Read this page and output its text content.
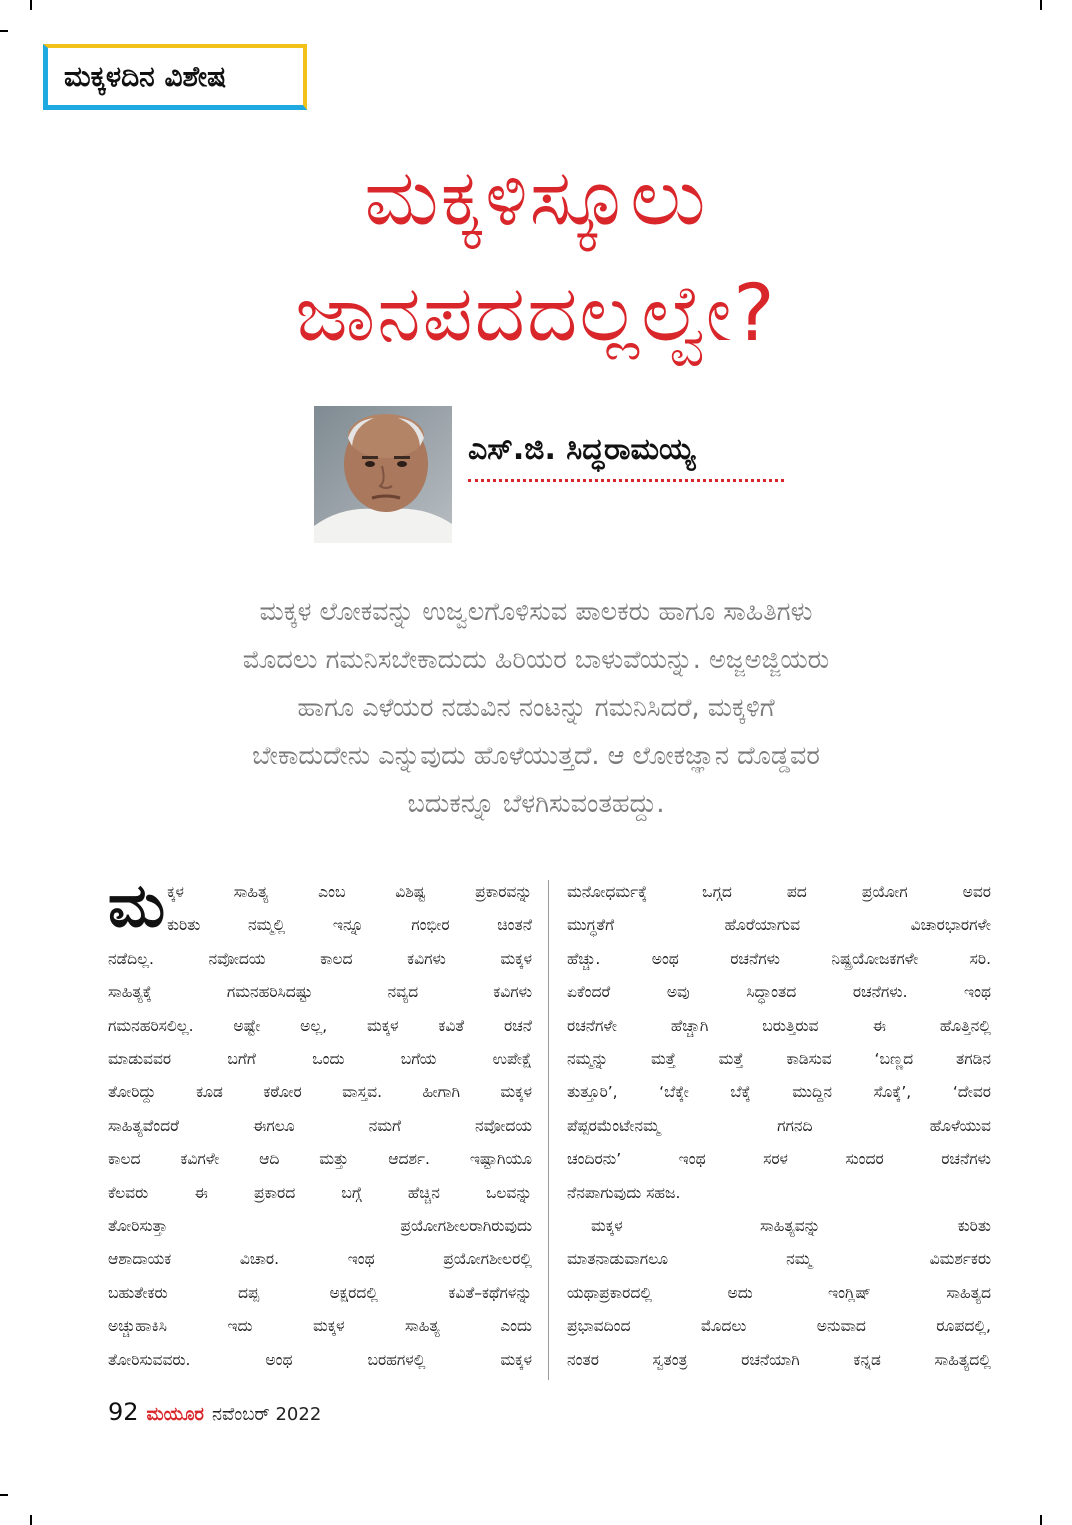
ಮಕ್ಕಳದಿನ ವಿಶೇಷ
ಮಕ್ಕಳಿಸ್ಕೂಲು
ಜಾನಪದದಲ್ಲಲ್ವೇ?
ಎಸ್.ಜಿ. ಸಿದ್ಧರಾಮಯ್ಯ

ಮಕ್ಕಳ ಲೋಕವನ್ನು ಉಜ್ವಲಗೊಳಿಸುವ ಪಾಲಕರು ಹಾಗೂ ಸಾಹಿತಿಗಳು

ಮೊದಲು ಗಮನಿಸಬೇಕಾದುದು ಹಿರಿಯರ ಬಾಳುವೆಯನ್ನು. ಅಜ್ಜಅಜ್ಜಿಯರು

ಹಾಗೂ ಎಳೆಯರ ನಡುವಿನ ನಂಟನ್ನು ಗಮನಿಸಿದರೆ, ಮಕ್ಕಳಿಗೆ

ಬೇಕಾದುದೇನು ಎನ್ನುವುದು ಹೊಳೆಯುತ್ತದೆ. ಆ ಲೋಕಜ್ಞಾನ ದೊಡ್ಡವರ

ಬದುಕನ್ನೂ ಬೆಳಗಿಸುವಂತಹದ್ದು.

ಮ ಕ್ಕಳ ಸಾಹಿತ್ಯ ಎಂಬ ವಿಶಿಷ್ಟ ಪ್ರಕಾರವನ್ನು

ಕುರಿತು ನಮ್ಮಲ್ಲಿ ಇನ್ನೂ ಗಂಭೀರ ಚಿಂತನೆ

ನಡೆದಿಲ್ಲ. ನವೋದಯ ಕಾಲದ ಕವಿಗಳು ಮಕ್ಕಳ

ಸಾಹಿತ್ಯಕ್ಕೆ ಗಮನಹರಿಸಿದಷ್ಟು ನವ್ಯದ ಕವಿಗಳು

ಗಮನಹರಿಸಲಿಲ್ಲ. ಅಷ್ಟೇ ಅಲ್ಲ, ಮಕ್ಕಳ ಕವಿತೆ ರಚನೆ

ಮಾಡುವವರ ಬಗೆಗೆ ಒಂದು ಬಗೆಯ ಉಪೇಕ್ಷೆ

ತೋರಿದ್ದು ಕೂಡ ಕಠೋರ ವಾಸ್ತವ. ಹೀಗಾಗಿ ಮಕ್ಕಳ

ಸಾಹಿತ್ಯವೆಂದರೆ ಈಗಲೂ ನಮಗೆ ನವೋದಯ

ಕಾಲದ ಕವಿಗಳೇ ಆದಿ ಮತ್ತು ಆದರ್ಶ. ಇಷ್ಟಾಗಿಯೂ

ಕೆಲವರು ಈ ಪ್ರಕಾರದ ಬಗ್ಗೆ ಹೆಚ್ಚಿನ ಒಲವನ್ನು

ತೋರಿಸುತ್ತಾ ಪ್ರಯೋಗಶೀಲರಾಗಿರುವುದು

ಆಶಾದಾಯಕ ವಿಚಾರ. ಇಂಥ ಪ್ರಯೋಗಶೀಲರಲ್ಲಿ

ಬಹುತೇಕರು ದಪ್ಪ ಅಕ್ಷರದಲ್ಲಿ ಕವಿತೆ–ಕಥೆಗಳನ್ನು

ಅಚ್ಚುಹಾಕಿಸಿ ಇದು ಮಕ್ಕಳ ಸಾಹಿತ್ಯ ಎಂದು

ತೋರಿಸುವವರು. ಅಂಥ ಬರಹಗಳಲ್ಲಿ ಮಕ್ಕಳ

ಮನೋಧರ್ಮಕ್ಕೆ ಒಗ್ಗದ ಪದ ಪ್ರಯೋಗ ಅವರ

ಮುಗ್ಧತೆಗೆ ಹೊರೆಯಾಗುವ ವಿಚಾರಭಾರಗಳೇ

ಹೆಚ್ಚು. ಅಂಥ ರಚನೆಗಳು ನಿಷ್ಪ್ರಯೋಜಕಗಳೇ ಸರಿ.

ಏಕೆಂದರೆ ಅವು ಸಿದ್ಧಾಂತದ ರಚನೆಗಳು. ಇಂಥ

ರಚನೆಗಳೇ ಹೆಚ್ಚಾಗಿ ಬರುತ್ತಿರುವ ಈ ಹೊತ್ತಿನಲ್ಲಿ

ನಮ್ಮನ್ನು ಮತ್ತೆ ಮತ್ತೆ ಕಾಡಿಸುವ ‘ಬಣ್ಣದ ತಗಡಿನ

ತುತ್ತೂರಿ’, ‘ಬೆಕ್ಕೇ ಬೆಕ್ಕೆ ಮುದ್ದಿನ ಸೊಕ್ಕೆ’, ‘ದೇವರ

ಪೆಪ್ಪರಮೆಂಟೇನಮ್ಮ ಗಗನದಿ ಹೊಳೆಯುವ

ಚಂದಿರನು’ ಇಂಥ ಸರಳ ಸುಂದರ ರಚನೆಗಳು

ನೆನಪಾಗುವುದು ಸಹಜ.

ಮಕ್ಕಳ ಸಾಹಿತ್ಯವನ್ನು ಕುರಿತು

ಮಾತನಾಡುವಾಗಲೂ ನಮ್ಮ ವಿಮರ್ಶಕರು

ಯಥಾಪ್ರಕಾರದಲ್ಲಿ ಅದು ಇಂಗ್ಲಿಷ್ ಸಾಹಿತ್ಯದ

ಪ್ರಭಾವದಿಂದ ಮೊದಲು ಅನುವಾದ ರೂಪದಲ್ಲಿ,

ನಂತರ ಸ್ವತಂತ್ರ ರಚನೆಯಾಗಿ ಕನ್ನಡ ಸಾಹಿತ್ಯದಲ್ಲಿ

92 ಮಯೂರ ನವೆಂಬರ್ 2022
